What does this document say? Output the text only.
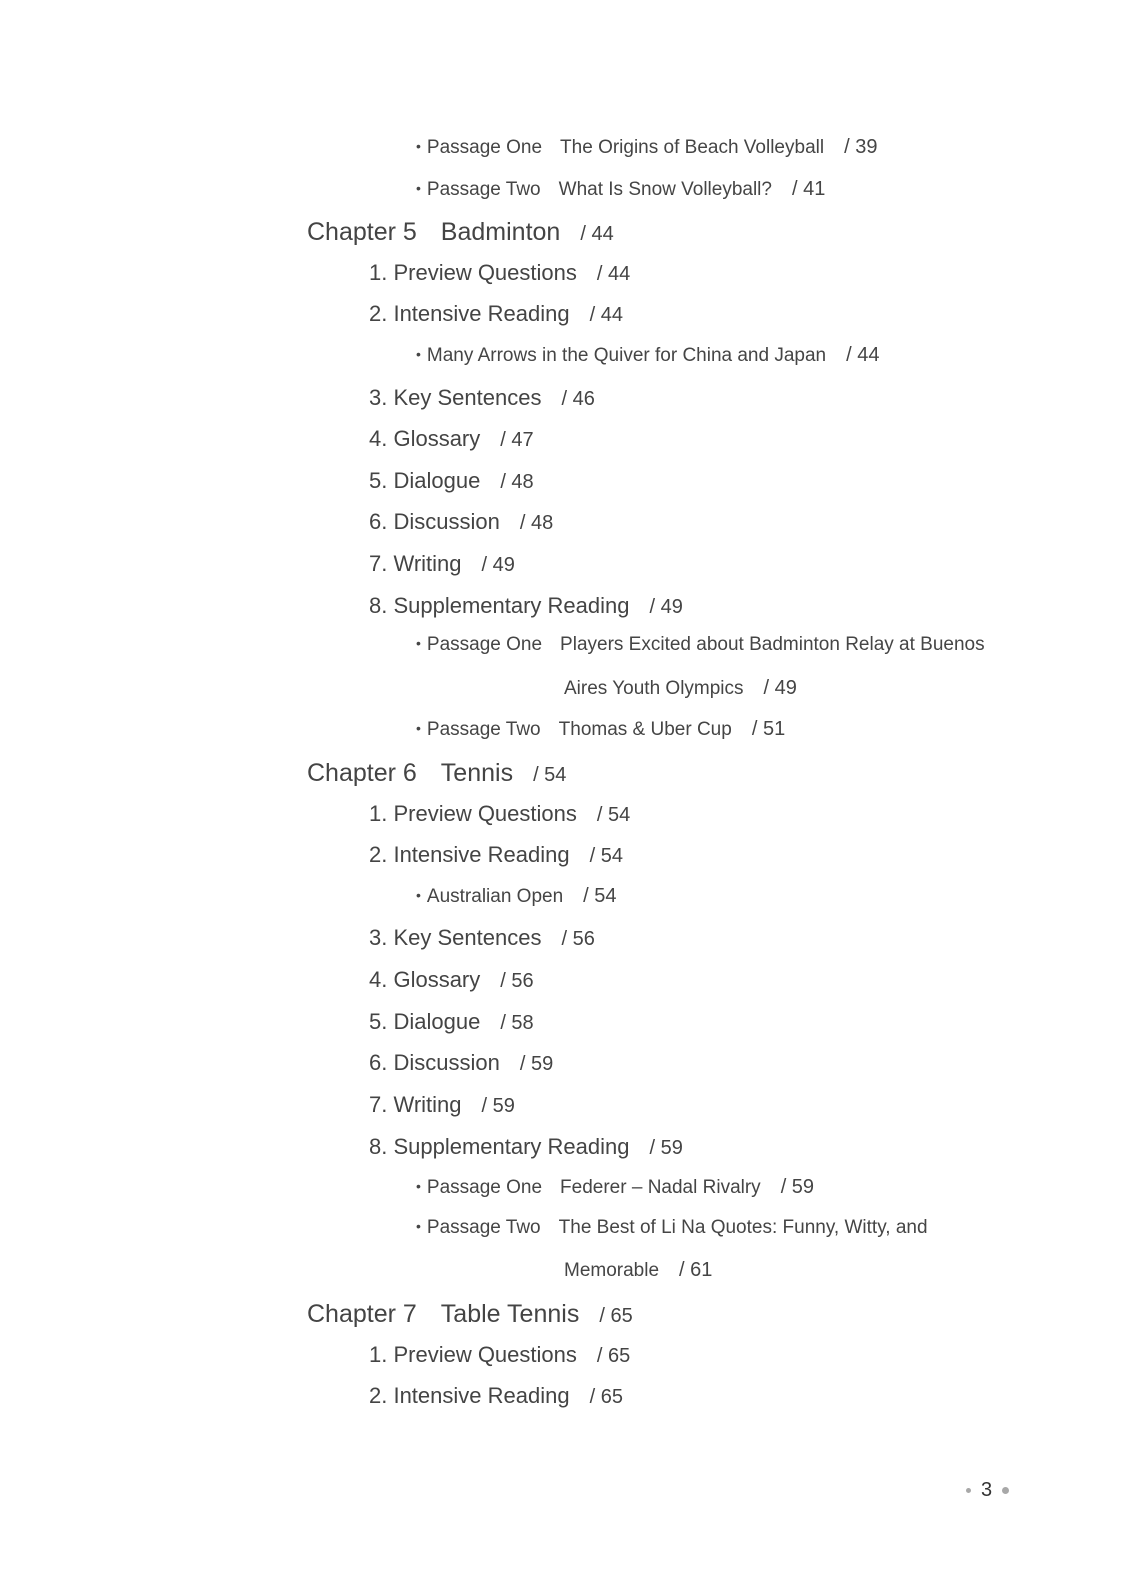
• Passage One The Origins of Beach Volleyball / 39
• Passage Two What Is Snow Volleyball? / 41
Chapter 5 Badminton / 44
1. Preview Questions / 44
2. Intensive Reading / 44
• Many Arrows in the Quiver for China and Japan / 44
3. Key Sentences / 46
4. Glossary / 47
5. Dialogue / 48
6. Discussion / 48
7. Writing / 49
8. Supplementary Reading / 49
• Passage One Players Excited about Badminton Relay at Buenos
Aires Youth Olympics / 49
• Passage Two Thomas & Uber Cup / 51
Chapter 6 Tennis / 54
1. Preview Questions / 54
2. Intensive Reading / 54
• Australian Open / 54
3. Key Sentences / 56
4. Glossary / 56
5. Dialogue / 58
6. Discussion / 59
7. Writing / 59
8. Supplementary Reading / 59
• Passage One Federer – Nadal Rivalry / 59
• Passage Two The Best of Li Na Quotes: Funny, Witty, and
Memorable / 61
Chapter 7 Table Tennis / 65
1. Preview Questions / 65
2. Intensive Reading / 65
3
